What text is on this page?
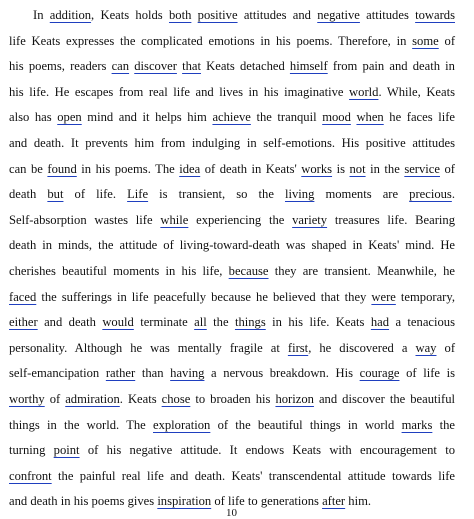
In addition, Keats holds both positive attitudes and negative attitudes towards
life Keats expresses the complicated emotions in his poems. Therefore, in some of
his poems, readers can discover that Keats detached himself from pain and death in
his life. He escapes from real life and lives in his imaginative world. While, Keats
also has open mind and it helps him achieve the tranquil mood when he faces life
and death. It prevents him from indulging in self-emotions. His positive attitudes
can be found in his poems. The idea of death in Keats' works is not in the service of
death but of life. Life is transient, so the living moments are precious.
Self-absorption wastes life while experiencing the variety treasures life. Bearing
death in minds, the attitude of living-toward-death was shaped in Keats' mind. He
cherishes beautiful moments in his life, because they are transient. Meanwhile, he
faced the sufferings in life peacefully because he believed that they were temporary,
either and death would terminate all the things in his life. Keats had a tenacious
personality. Although he was mentally fragile at first, he discovered a way of
self-emancipation rather than having a nervous breakdown. His courage of life is
worthy of admiration. Keats chose to broaden his horizon and discover the beautiful
things in the world. The exploration of the beautiful things in world marks the
turning point of his negative attitude. It endows Keats with encouragement to
confront the painful real life and death. Keats' transcendental attitude towards life
and death in his poems gives inspiration of life to generations after him.
10
